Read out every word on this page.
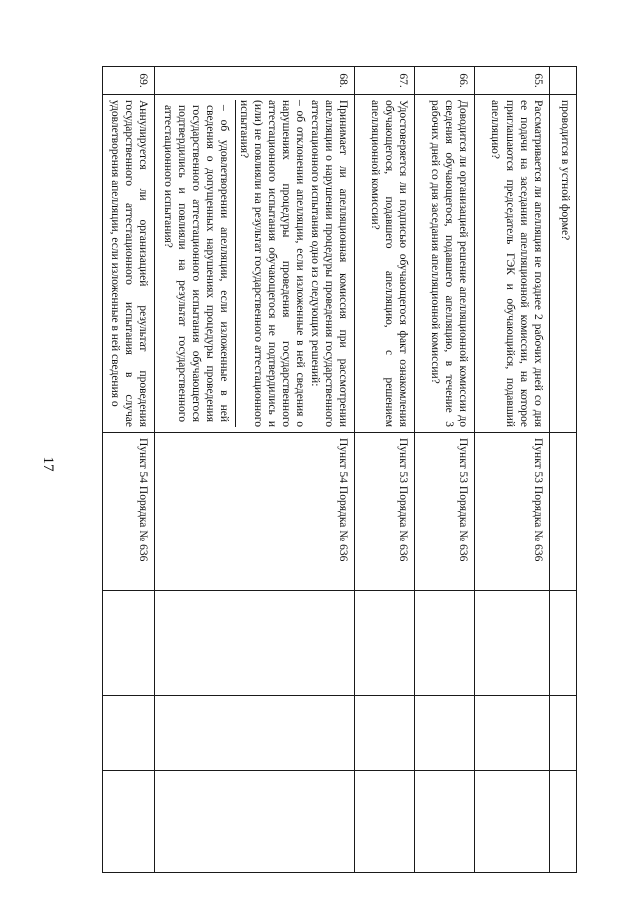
17

	проводится в устной форме?				
65.	Рассматривается ли апелляция не позднее 2 рабочих дней со дня ее подачи на заседании апелляционной комиссии, на которое приглашаются председатель ГЭК и обучающийся, подавший апелляцию?	Пункт 53 Порядка № 636			
66.	Доводится ли организацией решение апелляционной комиссии до сведения обучающегося, подавшего апелляцию, в течение 3 рабочих дней со дня заседания апелляционной комиссии?	Пункт 53 Порядка № 636			
67.	Удостоверяется ли подписью обучающегося факт ознакомления обучающегося, подавшего апелляцию, с решением апелляционной комиссии?	Пункт 53 Порядка № 636			
68.	Принимает ли апелляционная комиссия при рассмотрении апелляции о нарушении процедуры проведения государственного аттестационного испытания одно из следующих решений:

– об отклонении апелляции, если изложенные в ней сведения о нарушениях процедуры проведения государственного аттестационного испытания обучающегося не подтвердились и (или) не повлияли на результат государственного аттестационного испытания?

– об удовлетворении апелляции, если изложенные в ней сведения о допущенных нарушениях процедуры проведения государственного аттестационного испытания обучающегося подтвердились и повлияли на результат государственного аттестационного испытания?	Пункт 54 Порядка № 636			
69.	Аннулируется ли организацией результат проведения государственного аттестационного испытания в случае удовлетворения апелляции, если изложенные в ней сведения о	Пункт 54 Порядка № 636			
